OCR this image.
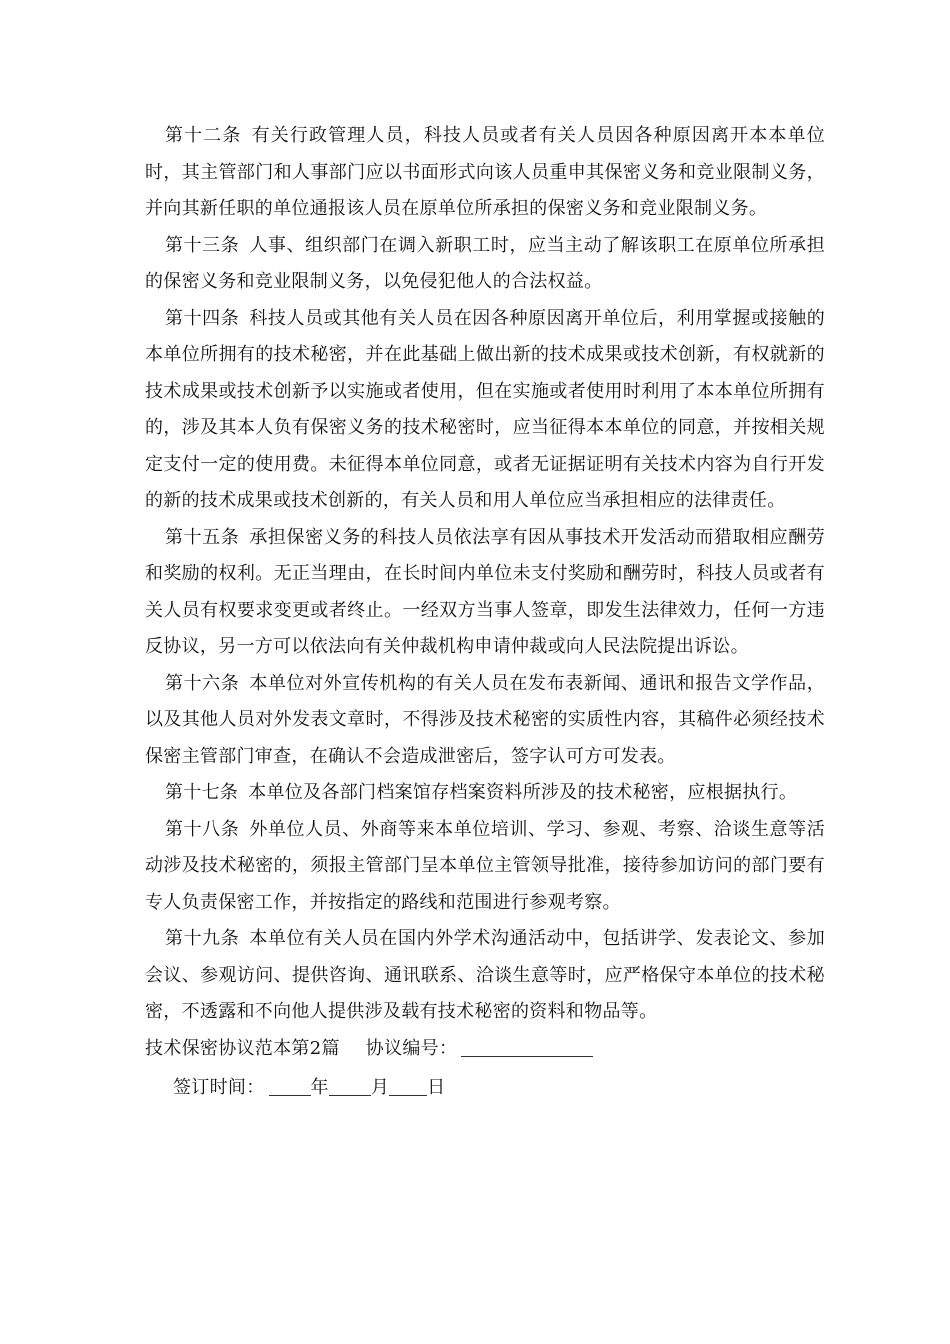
第十二条 有关行政管理人员，科技人员或者有关人员因各种原因离开本本单位时，其主管部门和人事部门应以书面形式向该人员重申其保密义务和竞业限制义务，并向其新任职的单位通报该人员在原单位所承担的保密义务和竞业限制义务。

第十三条 人事、组织部门在调入新职工时，应当主动了解该职工在原单位所承担的保密义务和竞业限制义务，以免侵犯他人的合法权益。

第十四条 科技人员或其他有关人员在因各种原因离开单位后，利用掌握或接触的本单位所拥有的技术秘密，并在此基础上做出新的技术成果或技术创新，有权就新的技术成果或技术创新予以实施或者使用，但在实施或者使用时利用了本本单位所拥有的，涉及其本人负有保密义务的技术秘密时，应当征得本本单位的同意，并按相关规定支付一定的使用费。未征得本单位同意，或者无证据证明有关技术内容为自行开发的新的技术成果或技术创新的，有关人员和用人单位应当承担相应的法律责任。

第十五条 承担保密义务的科技人员依法享有因从事技术开发活动而猎取相应酬劳和奖励的权利。无正当理由，在长时间内单位未支付奖励和酬劳时，科技人员或者有关人员有权要求变更或者终止。一经双方当事人签章，即发生法律效力，任何一方违反协议，另一方可以依法向有关仲裁机构申请仲裁或向人民法院提出诉讼。

第十六条 本单位对外宣传机构的有关人员在发布表新闻、通讯和报告文学作品，以及其他人员对外发表文章时，不得涉及技术秘密的实质性内容，其稿件必须经技术保密主管部门审查，在确认不会造成泄密后，签字认可方可发表。

第十七条 本单位及各部门档案馆存档案资料所涉及的技术秘密，应根据执行。

第十八条 外单位人员、外商等来本单位培训、学习、参观、考察、洽谈生意等活动涉及技术秘密的，须报主管部门呈本单位主管领导批准，接待参加访问的部门要有专人负责保密工作，并按指定的路线和范围进行参观考察。

第十九条 本单位有关人员在国内外学术沟通活动中，包括讲学、发表论文、参加会议、参观访问、提供咨询、通讯联系、洽谈生意等时，应严格保守本单位的技术秘密，不透露和不向他人提供涉及载有技术秘密的资料和物品等。

技术保密协议范本第2篇 协议编号：

签订时间：	年 月 日
